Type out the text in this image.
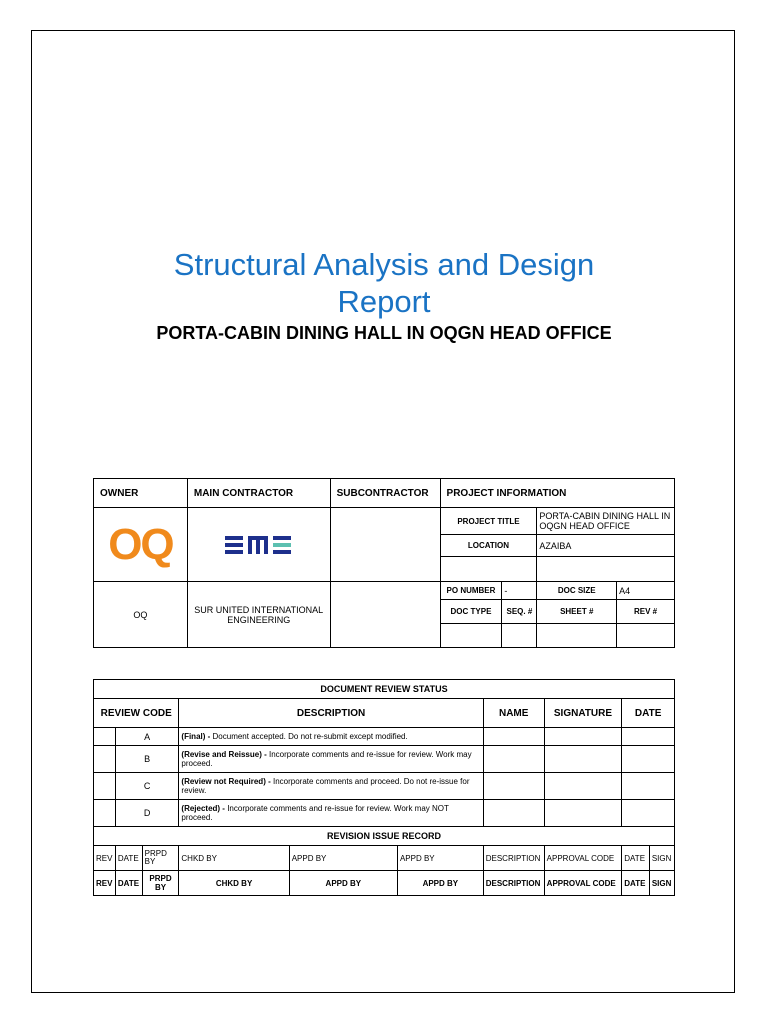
Structural Analysis and Design
Report
PORTA-CABIN DINING HALL IN OQGN HEAD OFFICE
OWNER	MAIN CONTRACTOR	SUBCONTRACTOR	PROJECT INFORMATION			
OQ			PROJECT TITLE		PORTA-CABIN DINING HALL IN OQGN HEAD OFFICE	
			LOCATION		AZAIBA	

OQ	SUR UNITED INTERNATIONAL ENGINEERING		PO NUMBER	-	DOC SIZE	A4
			DOC TYPE	SEQ. #	SHEET #	REV #

DOCUMENT REVIEW STATUS									
REVIEW CODE			DESCRIPTION			NAME	SIGNATURE	DATE	
	A		(Final) - Document accepted. Do not re-submit except modified.						
	B		(Revise and Reissue) - Incorporate comments and re-issue for review. Work may proceed.						
	C		(Review not Required) - Incorporate comments and proceed. Do not re-issue for review.						
	D		(Rejected) - Incorporate comments and re-issue for review. Work may NOT proceed.						
REVISION ISSUE RECORD									
REV	DATE	PRPD BY	CHKD BY	APPD BY	APPD BY	DESCRIPTION	APPROVAL CODE	DATE	SIGN
REV	DATE	PRPD BY	CHKD BY	APPD BY	APPD BY	DESCRIPTION	APPROVAL CODE	DATE	SIGN
